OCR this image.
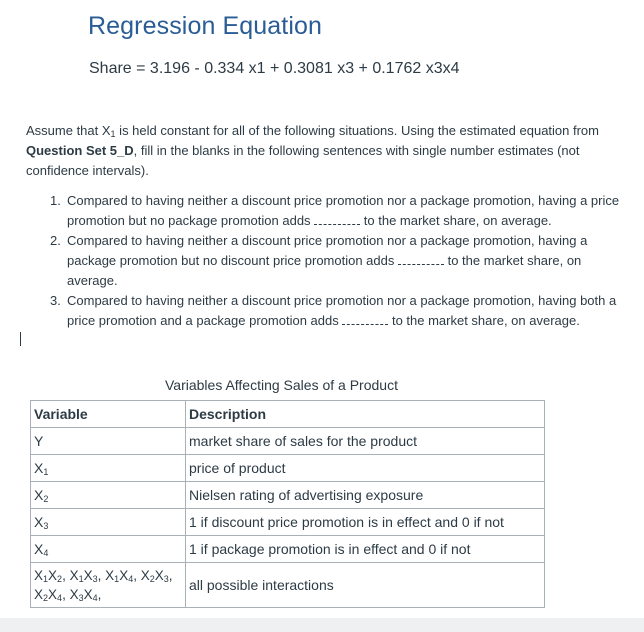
Regression Equation
Share = 3.196 - 0.334 x1 + 0.3081 x3 + 0.1762 x3x4
Assume that $X_1$ is held constant for all of the following situations. Using the estimated equation from Question Set 5_D, fill in the blanks in the following sentences with single number estimates (not confidence intervals).
1. Compared to having neither a discount price promotion nor a package promotion, having a price promotion but no package promotion adds	to the market share, on average.
2. Compared to having neither a discount price promotion nor a package promotion, having a package promotion but no discount price promotion adds	to the market share, on average.
3. Compared to having neither a discount price promotion nor a package promotion, having both a price promotion and a package promotion adds	to the market share, on average.
Variables Affecting Sales of a Product
Variable	Description
Y	market share of sales for the product
$X_1$	price of product
$X_2$	Nielsen rating of advertising exposure
$X_3$	1 if discount price promotion is in effect and 0 if not
$X_4$	1 if package promotion is in effect and 0 if not
$X_1X_2$, $X_1X_3$, $X_1X_4$, $X_2X_3$,
$X_2X_4$, $X_3X_4$,	all possible interactions
